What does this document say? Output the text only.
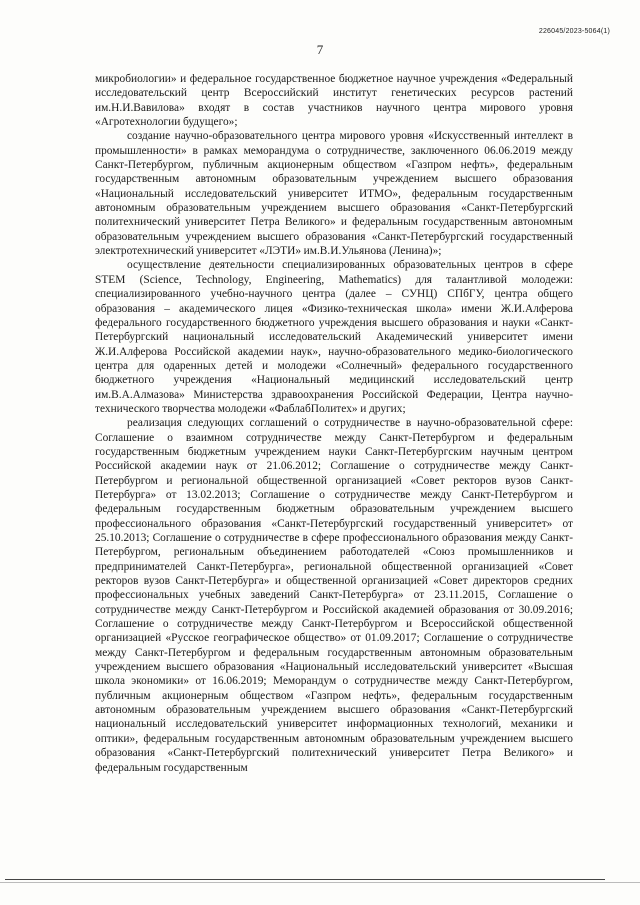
226045/2023-5064(1)
7

микробиологии» и федеральное государственное бюджетное научное учреждения «Федеральный исследовательский центр Всероссийский институт генетических ресурсов растений им.Н.И.Вавилова» входят в состав участников научного центра мирового уровня «Агротехнологии будущего»;

создание научно-образовательного центра мирового уровня «Искусственный интеллект в промышленности» в рамках меморандума о сотрудничестве, заключенного 06.06.2019 между Санкт-Петербургом, публичным акционерным обществом «Газпром нефть», федеральным государственным автономным образовательным учреждением высшего образования «Национальный исследовательский университет ИТМО», федеральным государственным автономным образовательным учреждением высшего образования «Санкт-Петербургский политехнический университет Петра Великого» и федеральным государственным автономным образовательным учреждением высшего образования «Санкт-Петербургский государственный электротехнический университет «ЛЭТИ» им.В.И.Ульянова (Ленина)»;

осуществление деятельности специализированных образовательных центров в сфере STEM (Science, Technology, Engineering, Mathematics) для талантливой молодежи: специализированного учебно-научного центра (далее – СУНЦ) СПбГУ, центра общего образования – академического лицея «Физико-техническая школа» имени Ж.И.Алферова федерального государственного бюджетного учреждения высшего образования и науки «Санкт-Петербургский национальный исследовательский Академический университет имени Ж.И.Алферова Российской академии наук», научно-образовательного медико-биологического центра для одаренных детей и молодежи «Солнечный» федерального государственного бюджетного учреждения «Национальный медицинский исследовательский центр им.В.А.Алмазова» Министерства здравоохранения Российской Федерации, Центра научно-технического творчества молодежи «ФаблабПолитех» и других;

реализация следующих соглашений о сотрудничестве в научно-образовательной сфере: Соглашение о взаимном сотрудничестве между Санкт-Петербургом и федеральным государственным бюджетным учреждением науки Санкт-Петербургским научным центром Российской академии наук от 21.06.2012; Соглашение о сотрудничестве между Санкт-Петербургом и региональной общественной организацией «Совет ректоров вузов Санкт-Петербурга» от 13.02.2013; Соглашение о сотрудничестве между Санкт-Петербургом и федеральным государственным бюджетным образовательным учреждением высшего профессионального образования «Санкт-Петербургский государственный университет» от 25.10.2013; Соглашение о сотрудничестве в сфере профессионального образования между Санкт-Петербургом, региональным объединением работодателей «Союз промышленников и предпринимателей Санкт-Петербурга», региональной общественной организацией «Совет ректоров вузов Санкт-Петербурга» и общественной организацией «Совет директоров средних профессиональных учебных заведений Санкт-Петербурга» от 23.11.2015, Соглашение о сотрудничестве между Санкт-Петербургом и Российской академией образования от 30.09.2016; Соглашение о сотрудничестве между Санкт-Петербургом и Всероссийской общественной организацией «Русское географическое общество» от 01.09.2017; Соглашение о сотрудничестве между Санкт-Петербургом и федеральным государственным автономным образовательным учреждением высшего образования «Национальный исследовательский университет «Высшая школа экономики» от 16.06.2019; Меморандум о сотрудничестве между Санкт-Петербургом, публичным акционерным обществом «Газпром нефть», федеральным государственным автономным образовательным учреждением высшего образования «Санкт-Петербургский национальный исследовательский университет информационных технологий, механики и оптики», федеральным государственным автономным образовательным учреждением высшего образования «Санкт-Петербургский политехнический университет Петра Великого» и федеральным государственным
